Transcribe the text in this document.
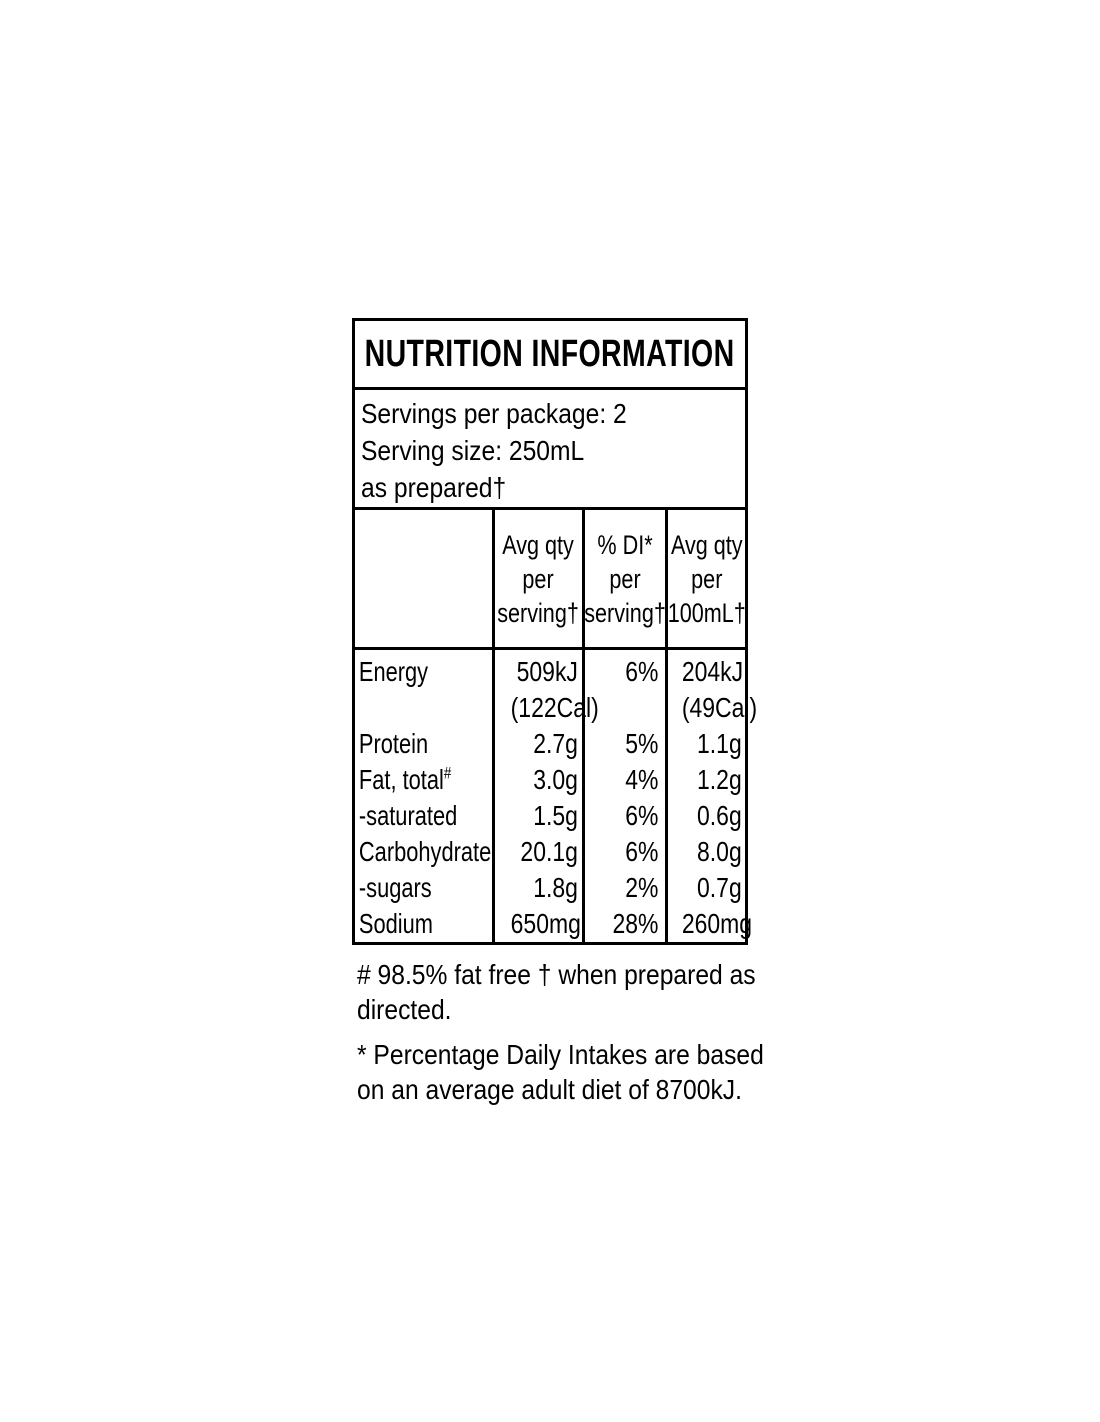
NUTRITION INFORMATION
Servings per package: 2
Serving size: 250mL
as prepared†
Avg qty
per
serving†
% DI*
per
serving†
Avg qty
per
100mL†
Energy
Protein
Fat, total#
-saturated
Carbohydrate
-sugars
Sodium
509kJ
(122Cal)
2.7g
3.0g
1.5g
20.1g
1.8g
650mg
6%
5%
4%
6%
6%
2%
28%
204kJ
(49Cal)
1.1g
1.2g
0.6g
8.0g
0.7g
260mg

# 98.5% fat free † when prepared as directed.

* Percentage Daily Intakes are based on an average adult diet of 8700kJ.
